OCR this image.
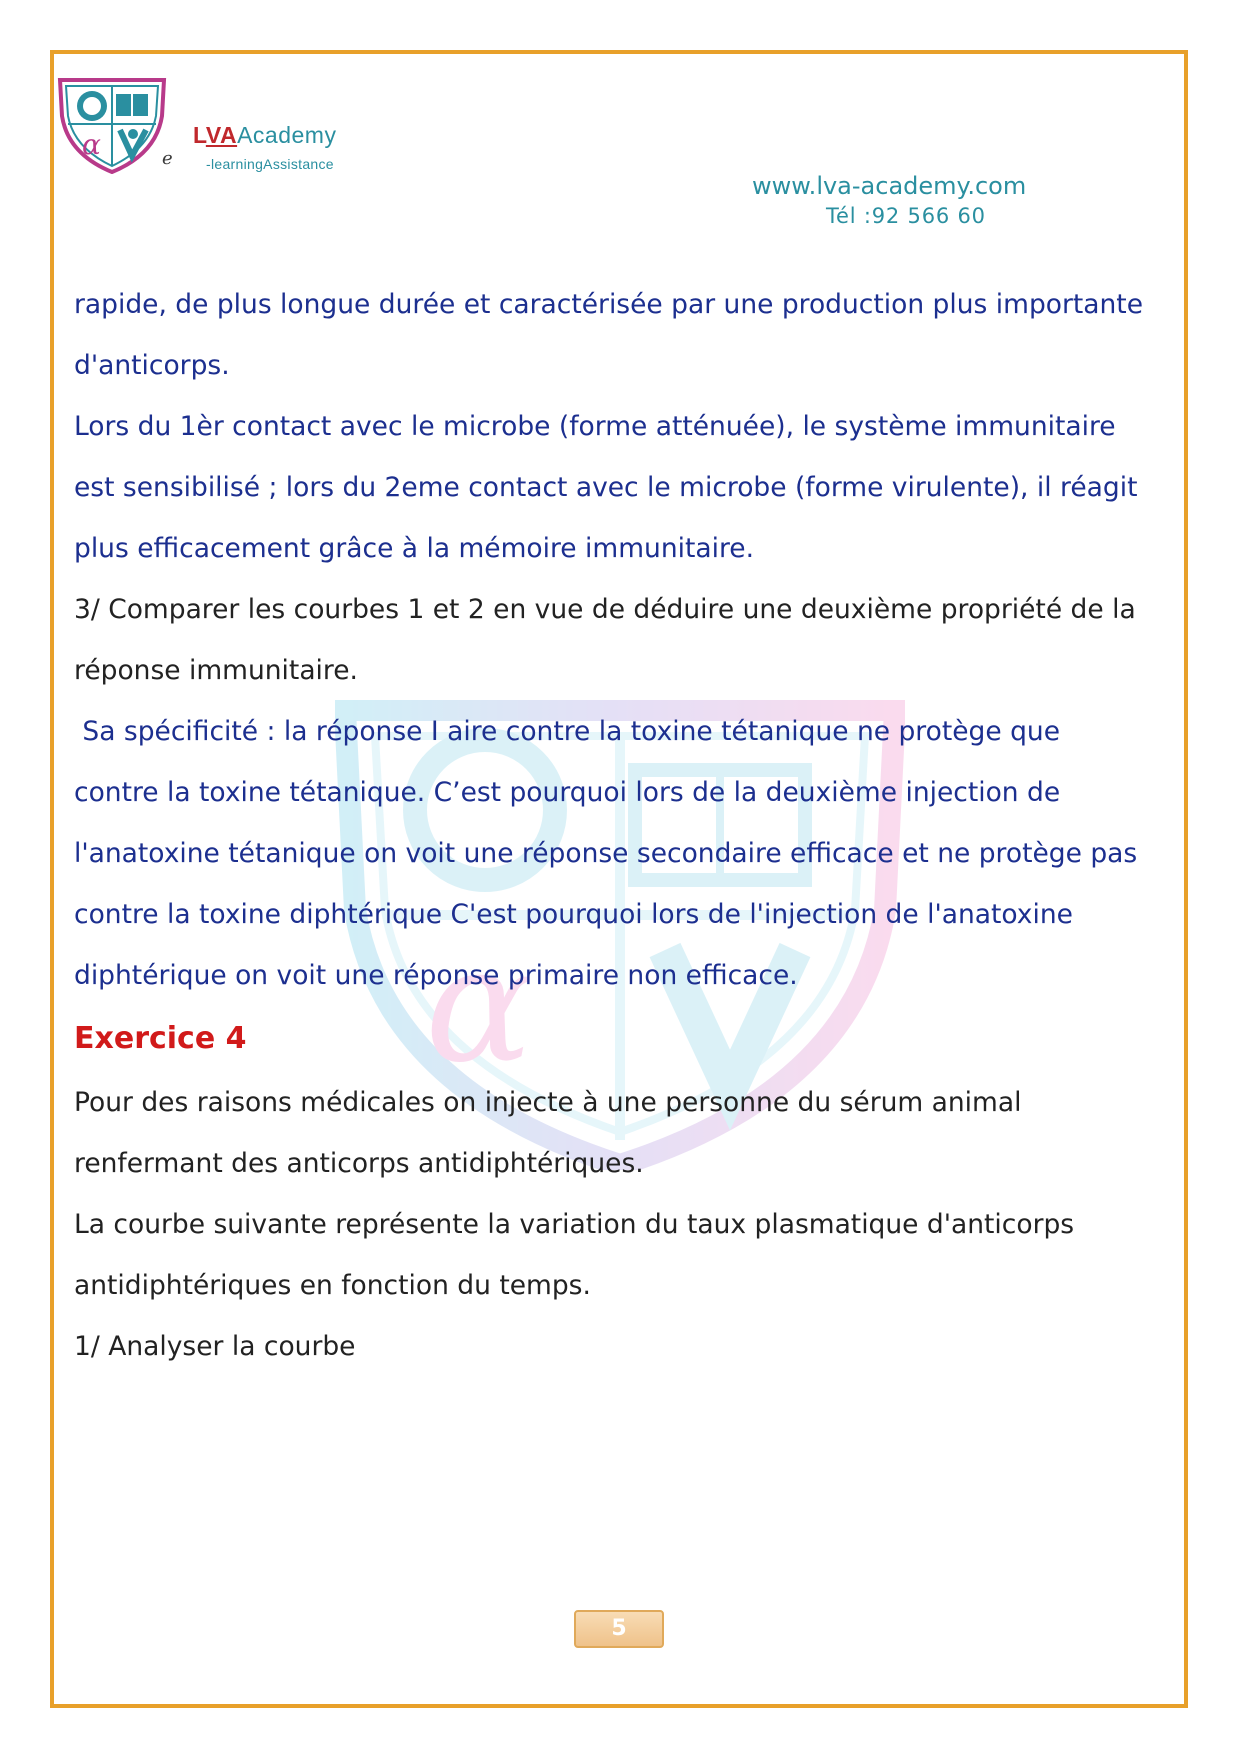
α	e
LVAAcademy
-learningAssistance
www.lva-academy.com
Tél :92 566 60
α
rapide, de plus longue durée et caractérisée par une production plus importante
d'anticorps.
Lors du 1èr contact avec le microbe (forme atténuée), le système immunitaire
est sensibilisé ; lors du 2eme contact avec le microbe (forme virulente), il réagit
plus efficacement grâce à la mémoire immunitaire.
3/ Comparer les courbes 1 et 2 en vue de déduire une deuxième propriété de la
réponse immunitaire.
Sa spécificité : la réponse I aire contre la toxine tétanique ne protège que
contre la toxine tétanique. C’est pourquoi lors de la deuxième injection de
l'anatoxine tétanique on voit une réponse secondaire efficace et ne protège pas
contre la toxine diphtérique C'est pourquoi lors de l'injection de l'anatoxine
diphtérique on voit une réponse primaire non efficace.
Exercice 4
Pour des raisons médicales on injecte à une personne du sérum animal
renfermant des anticorps antidiphtériques.
La courbe suivante représente la variation du taux plasmatique d'anticorps
antidiphtériques en fonction du temps.
1/ Analyser la courbe
5
